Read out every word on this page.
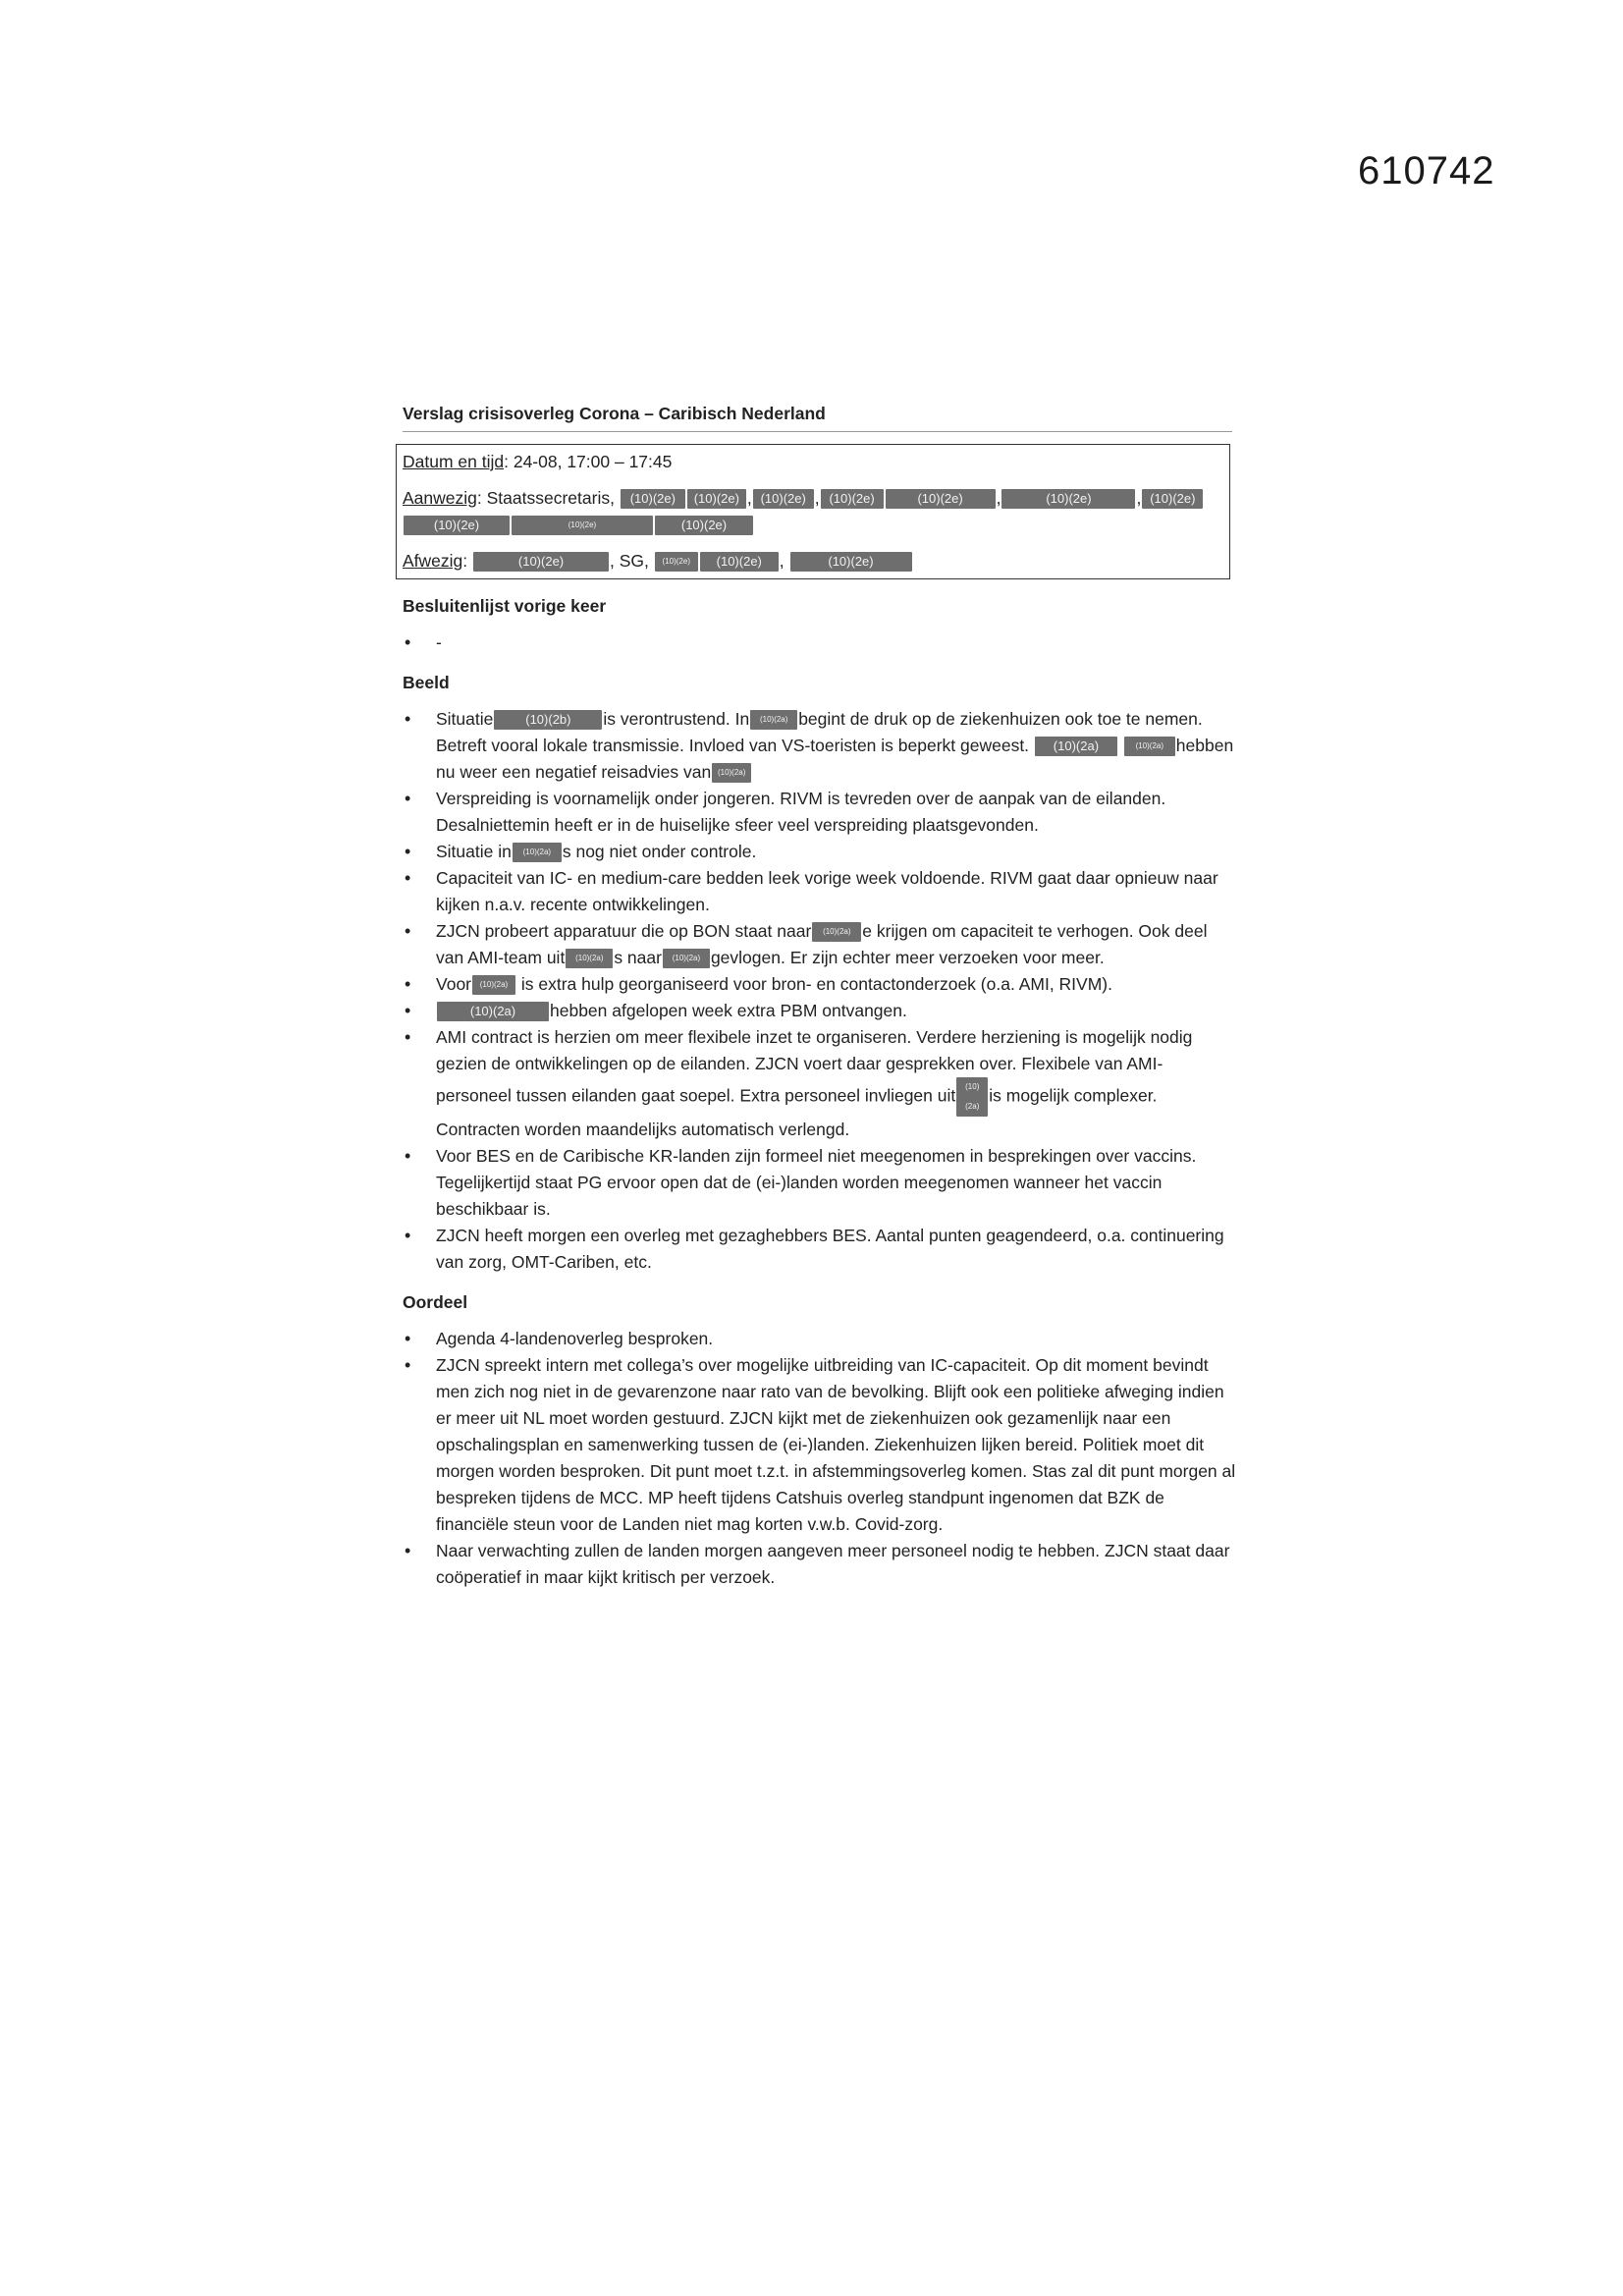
610742
Verslag crisisoverleg Corona – Caribisch Nederland

Datum en tijd: 24-08, 17:00 – 17:45

Aanwezig: Staatssecretaris, (10)(2e) (10)(2e) , (10)(2e) , (10)(2e)	(10)(2e) ,	(10)(2e)	, (10)(2e)
(10)(2e)	(10)(2e)	(10)(2e)

Afwezig:	(10)(2e)	, SG, (10)(2e) (10)(2e) ,	(10)(2e)

Besluitenlijst vorige keer
• -
Beeld
• Situatie	(10)(2b) is verontrustend. In (10)(2a) begint de druk op de ziekenhuizen ook toe te nemen. Betreft vooral lokale transmissie. Invloed van VS-toeristen is beperkt geweest. (10)(2a)	(10)(2a) hebben nu weer een negatief reisadvies van (10)(2a)
• Verspreiding is voornamelijk onder jongeren. RIVM is tevreden over de aanpak van de eilanden. Desalniettemin heeft er in de huiselijke sfeer veel verspreiding plaatsgevonden.
• Situatie in (10)(2a) s nog niet onder controle.
• Capaciteit van IC- en medium-care bedden leek vorige week voldoende. RIVM gaat daar opnieuw naar kijken n.a.v. recente ontwikkelingen.
• ZJCN probeert apparatuur die op BON staat naar (10)(2a) e krijgen om capaciteit te verhogen. Ook deel van AMI-team uit (10)(2a) s naar (10)(2a) gevlogen. Er zijn echter meer verzoeken voor meer.
• Voor (10)(2a) is extra hulp georganiseerd voor bron- en contactonderzoek (o.a. AMI, RIVM).
• (10)(2a) hebben afgelopen week extra PBM ontvangen.
• AMI contract is herzien om meer flexibele inzet te organiseren. Verdere herziening is mogelijk nodig gezien de ontwikkelingen op de eilanden. ZJCN voert daar gesprekken over. Flexibele van AMI-personeel tussen eilanden gaat soepel. Extra personeel invliegen uit (10)(2a)is mogelijk complexer. Contracten worden maandelijks automatisch verlengd.
• Voor BES en de Caribische KR-landen zijn formeel niet meegenomen in besprekingen over vaccins. Tegelijkertijd staat PG ervoor open dat de (ei-)landen worden meegenomen wanneer het vaccin beschikbaar is.
• ZJCN heeft morgen een overleg met gezaghebbers BES. Aantal punten geagendeerd, o.a. continuering van zorg, OMT-Cariben, etc.
Oordeel
• Agenda 4-landenoverleg besproken.
• ZJCN spreekt intern met collega’s over mogelijke uitbreiding van IC-capaciteit. Op dit moment bevindt men zich nog niet in de gevarenzone naar rato van de bevolking. Blijft ook een politieke afweging indien er meer uit NL moet worden gestuurd. ZJCN kijkt met de ziekenhuizen ook gezamenlijk naar een opschalingsplan en samenwerking tussen de (ei-)landen. Ziekenhuizen lijken bereid. Politiek moet dit morgen worden besproken. Dit punt moet t.z.t. in afstemmingsoverleg komen. Stas zal dit punt morgen al bespreken tijdens de MCC. MP heeft tijdens Catshuis overleg standpunt ingenomen dat BZK de financiële steun voor de Landen niet mag korten v.w.b. Covid-zorg.
• Naar verwachting zullen de landen morgen aangeven meer personeel nodig te hebben. ZJCN staat daar coöperatief in maar kijkt kritisch per verzoek.
